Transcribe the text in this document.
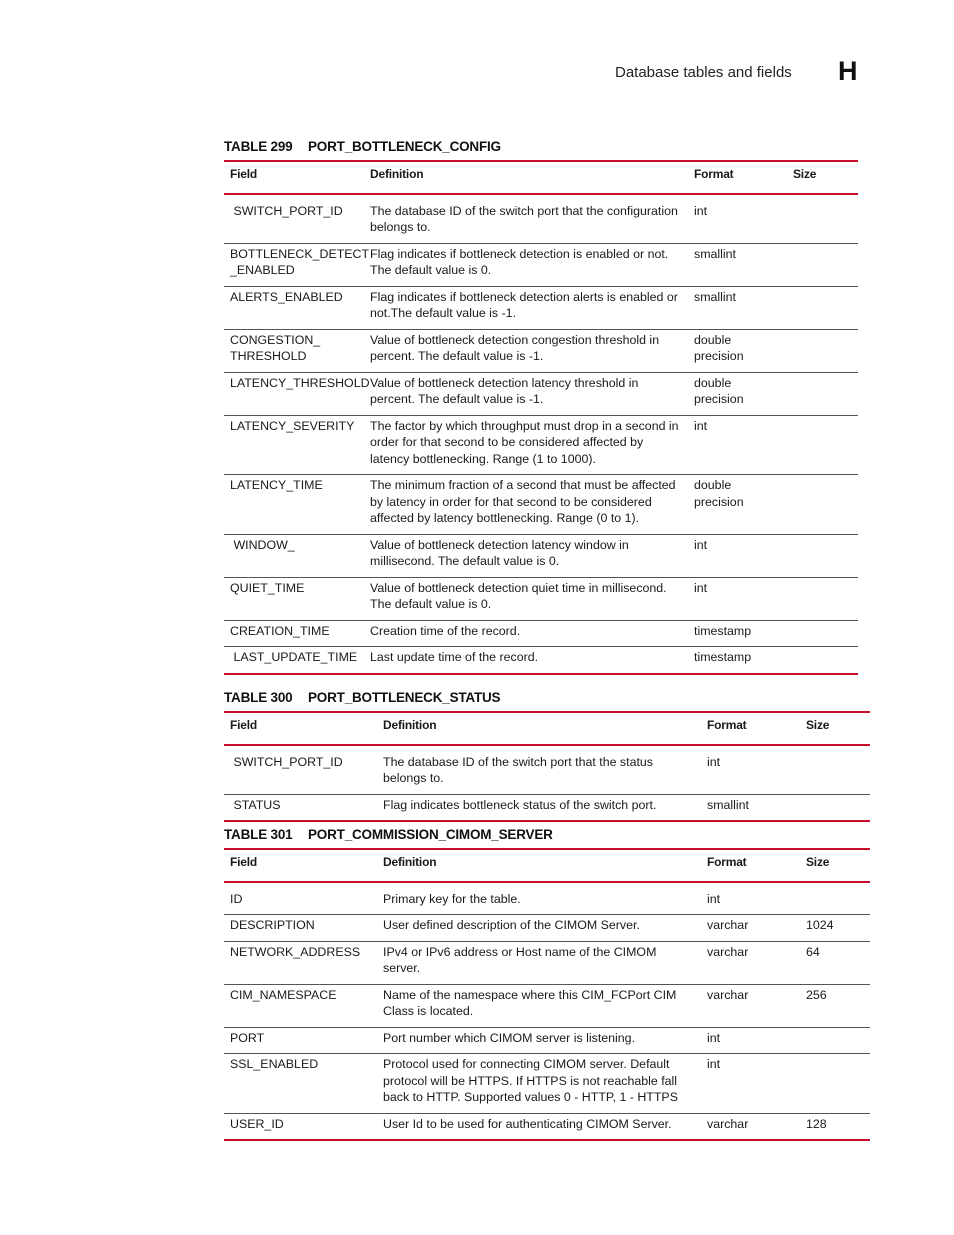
Database tables and fields H
TABLE 299 PORT_BOTTLENECK_CONFIG
Field	Definition	Format	Size
SWITCH_PORT_ID	The database ID of the switch port that the configuration belongs to.	int	
BOTTLENECK_DETECT _ENABLED	Flag indicates if bottleneck detection is enabled or not. The default value is 0.	smallint	
ALERTS_ENABLED	Flag indicates if bottleneck detection alerts is enabled or not.The default value is -1.	smallint	
CONGESTION_ THRESHOLD	Value of bottleneck detection congestion threshold in percent. The default value is -1.	double precision	
LATENCY_THRESHOLD	Value of bottleneck detection latency threshold in percent. The default value is -1.	double precision	
LATENCY_SEVERITY	The factor by which throughput must drop in a second in order for that second to be considered affected by latency bottlenecking. Range (1 to 1000).	int	
LATENCY_TIME	The minimum fraction of a second that must be affected by latency in order for that second to be considered affected by latency bottlenecking. Range (0 to 1).	double precision	
WINDOW_	Value of bottleneck detection latency window in millisecond. The default value is 0.	int	
QUIET_TIME	Value of bottleneck detection quiet time in millisecond. The default value is 0.	int	
CREATION_TIME	Creation time of the record.	timestamp	
LAST_UPDATE_TIME	Last update time of the record.	timestamp	
TABLE 300 PORT_BOTTLENECK_STATUS
Field	Definition	Format	Size
SWITCH_PORT_ID	The database ID of the switch port that the status belongs to.	int	
STATUS	Flag indicates bottleneck status of the switch port.	smallint	
TABLE 301 PORT_COMMISSION_CIMOM_SERVER
Field	Definition	Format	Size
ID	Primary key for the table.	int	
DESCRIPTION	User defined description of the CIMOM Server.	varchar	1024
NETWORK_ADDRESS	IPv4 or IPv6 address or Host name of the CIMOM server.	varchar	64
CIM_NAMESPACE	Name of the namespace where this CIM_FCPort CIM Class is located.	varchar	256
PORT	Port number which CIMOM server is listening.	int	
SSL_ENABLED	Protocol used for connecting CIMOM server. Default protocol will be HTTPS. If HTTPS is not reachable fall back to HTTP. Supported values 0 - HTTP, 1 - HTTPS	int	
USER_ID	User Id to be used for authenticating CIMOM Server.	varchar	128
